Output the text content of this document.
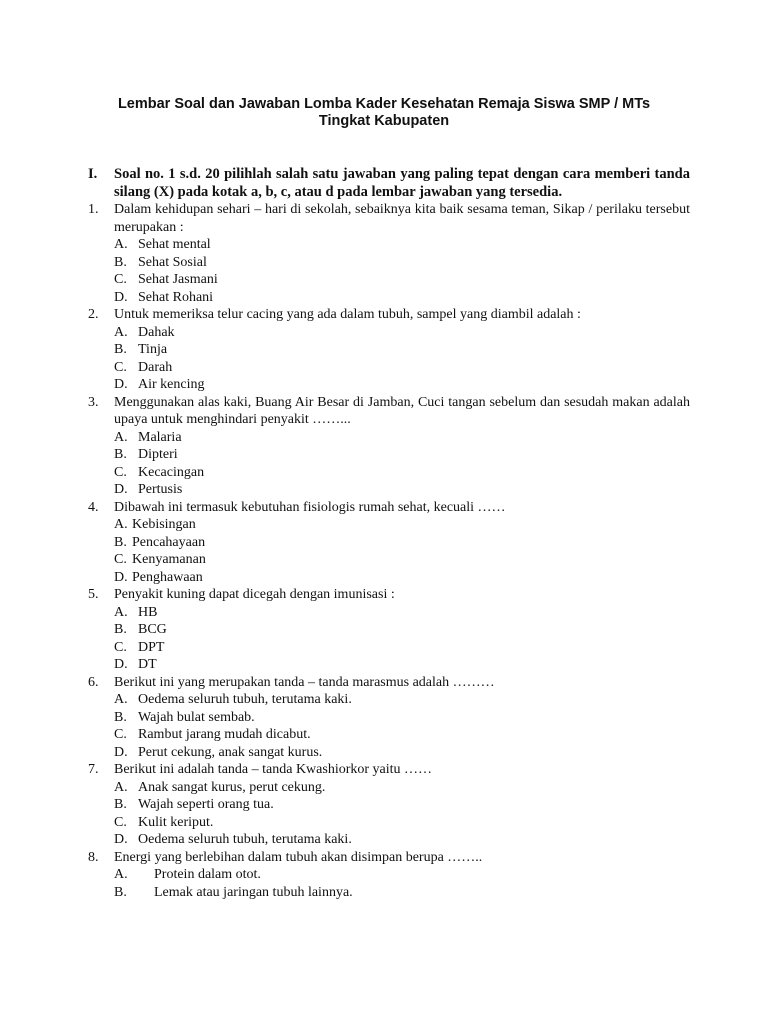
Lembar Soal dan Jawaban Lomba Kader Kesehatan Remaja Siswa SMP / MTs
Tingkat Kabupaten
I. Soal no. 1 s.d. 20 pilihlah salah satu jawaban yang paling tepat dengan cara memberi tanda silang (X) pada kotak a, b, c, atau d pada lembar jawaban yang tersedia.
1. Dalam kehidupan sehari – hari di sekolah, sebaiknya kita baik sesama teman, Sikap / perilaku tersebut merupakan :
A. Sehat mental
B. Sehat Sosial
C. Sehat Jasmani
D. Sehat Rohani
2. Untuk memeriksa telur cacing yang ada dalam tubuh, sampel yang diambil adalah :
A. Dahak
B. Tinja
C. Darah
D. Air kencing
3. Menggunakan alas kaki, Buang Air Besar di Jamban, Cuci tangan sebelum dan sesudah makan adalah upaya untuk menghindari penyakit ……...
A. Malaria
B. Dipteri
C. Kecacingan
D. Pertusis
4. Dibawah ini termasuk kebutuhan fisiologis rumah sehat, kecuali ……
A. Kebisingan
B. Pencahayaan
C. Kenyamanan
D. Penghawaan
5. Penyakit kuning dapat dicegah dengan imunisasi :
A. HB
B. BCG
C. DPT
D. DT
6. Berikut ini yang merupakan tanda – tanda marasmus adalah ………
A. Oedema seluruh tubuh, terutama kaki.
B. Wajah bulat sembab.
C. Rambut jarang mudah dicabut.
D. Perut cekung, anak sangat kurus.
7. Berikut ini adalah tanda – tanda Kwashiorkor yaitu ……
A. Anak sangat kurus, perut cekung.
B. Wajah seperti orang tua.
C. Kulit keriput.
D. Oedema seluruh tubuh, terutama kaki.
8. Energi yang berlebihan dalam tubuh akan disimpan berupa ……..
A.	Protein dalam otot.
B.	Lemak atau jaringan tubuh lainnya.
